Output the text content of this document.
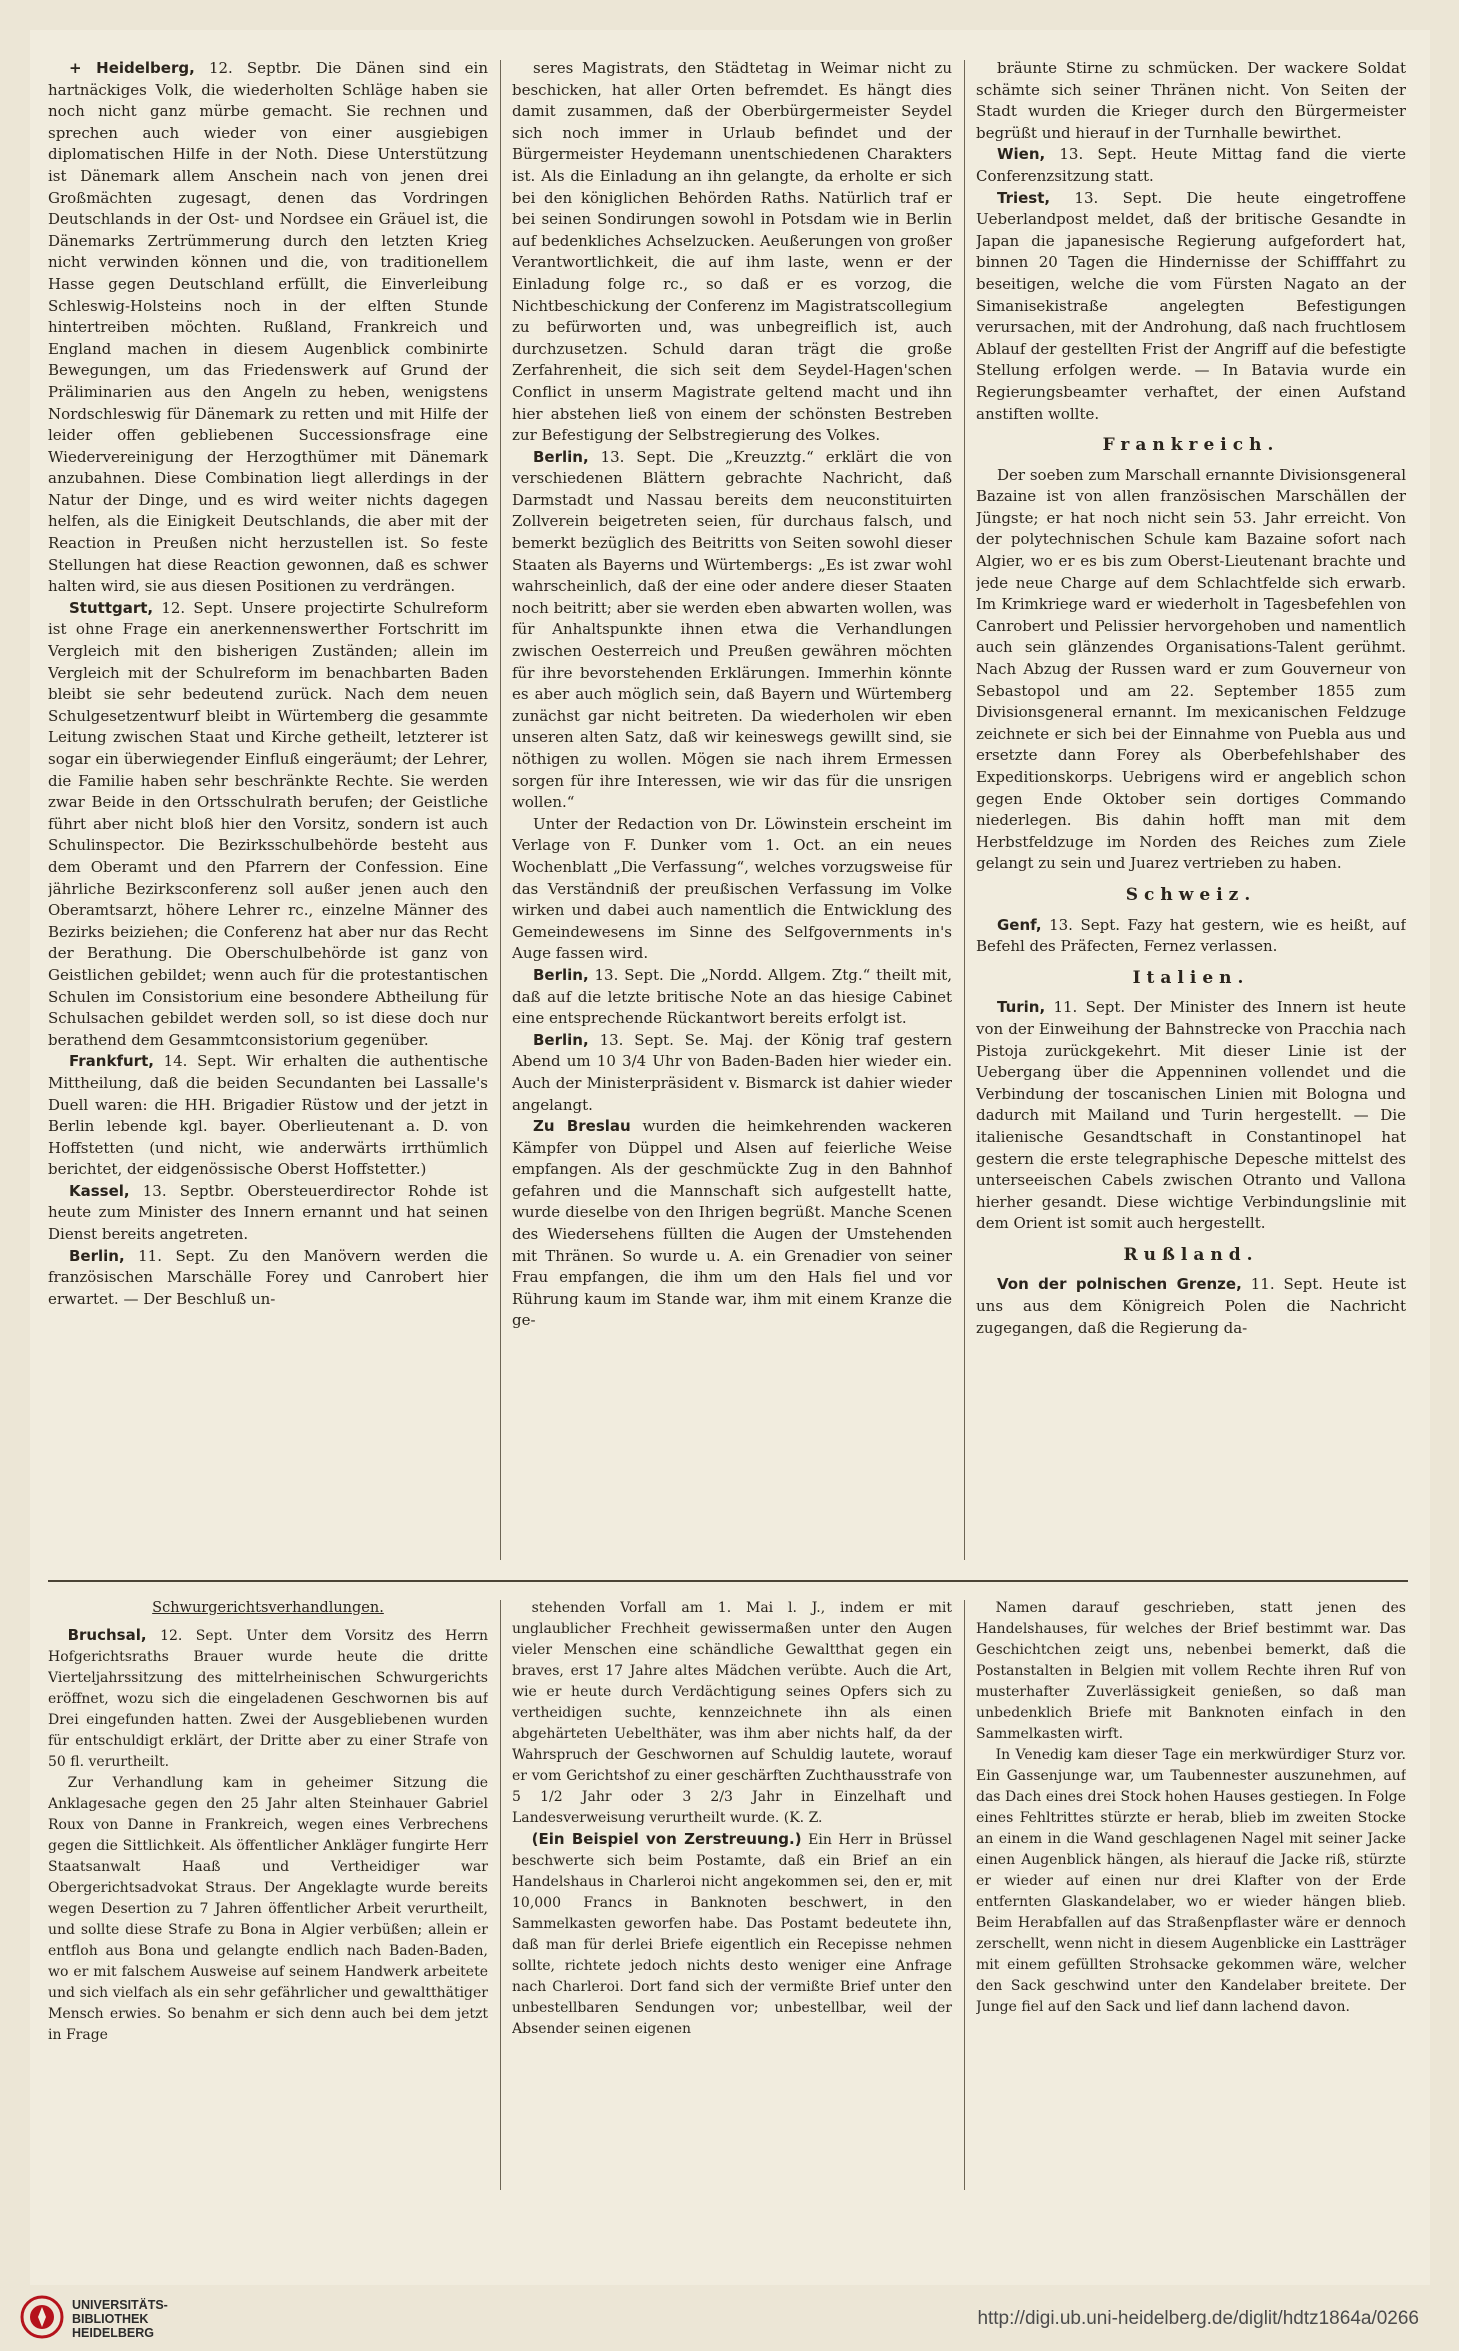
+ Heidelberg, 12. Septbr. Die Dänen sind ein hartnäckiges Volk, die wiederholten Schläge haben sie noch nicht ganz mürbe gemacht. Sie rechnen und sprechen auch wieder von einer ausgiebigen diplomatischen Hilfe in der Noth. Diese Unterstützung ist Dänemark allem Anschein nach von jenen drei Großmächten zugesagt, denen das Vordringen Deutschlands in der Ost- und Nordsee ein Gräuel ist, die Dänemarks Zertrümmerung durch den letzten Krieg nicht verwinden können und die, von traditionellem Hasse gegen Deutschland erfüllt, die Einverleibung Schleswig-Holsteins noch in der elften Stunde hintertreiben möchten. Rußland, Frankreich und England machen in diesem Augenblick combinirte Bewegungen, um das Friedenswerk auf Grund der Präliminarien aus den Angeln zu heben, wenigstens Nordschleswig für Dänemark zu retten und mit Hilfe der leider offen gebliebenen Successionsfrage eine Wiedervereinigung der Herzogthümer mit Dänemark anzubahnen. Diese Combination liegt allerdings in der Natur der Dinge, und es wird weiter nichts dagegen helfen, als die Einigkeit Deutschlands, die aber mit der Reaction in Preußen nicht herzustellen ist. So feste Stellungen hat diese Reaction gewonnen, daß es schwer halten wird, sie aus diesen Positionen zu verdrängen.

Stuttgart, 12. Sept. Unsere projectirte Schulreform ist ohne Frage ein anerkennenswerther Fortschritt im Vergleich mit den bisherigen Zuständen; allein im Vergleich mit der Schulreform im benachbarten Baden bleibt sie sehr bedeutend zurück. Nach dem neuen Schulgesetzentwurf bleibt in Würtemberg die gesammte Leitung zwischen Staat und Kirche getheilt, letzterer ist sogar ein überwiegender Einfluß eingeräumt; der Lehrer, die Familie haben sehr beschränkte Rechte. Sie werden zwar Beide in den Ortsschulrath berufen; der Geistliche führt aber nicht bloß hier den Vorsitz, sondern ist auch Schulinspector. Die Bezirksschulbehörde besteht aus dem Oberamt und den Pfarrern der Confession. Eine jährliche Bezirksconferenz soll außer jenen auch den Oberamtsarzt, höhere Lehrer rc., einzelne Männer des Bezirks beiziehen; die Conferenz hat aber nur das Recht der Berathung. Die Oberschulbehörde ist ganz von Geistlichen gebildet; wenn auch für die protestantischen Schulen im Consistorium eine besondere Abtheilung für Schulsachen gebildet werden soll, so ist diese doch nur berathend dem Gesammtconsistorium gegenüber.

Frankfurt, 14. Sept. Wir erhalten die authentische Mittheilung, daß die beiden Secundanten bei Lassalle's Duell waren: die HH. Brigadier Rüstow und der jetzt in Berlin lebende kgl. bayer. Oberlieutenant a. D. von Hoffstetten (und nicht, wie anderwärts irrthümlich berichtet, der eidgenössische Oberst Hoffstetter.)

Kassel, 13. Septbr. Obersteuerdirector Rohde ist heute zum Minister des Innern ernannt und hat seinen Dienst bereits angetreten.

Berlin, 11. Sept. Zu den Manövern werden die französischen Marschälle Forey und Canrobert hier erwartet. — Der Beschluß un-

seres Magistrats, den Städtetag in Weimar nicht zu beschicken, hat aller Orten befremdet. Es hängt dies damit zusammen, daß der Oberbürgermeister Seydel sich noch immer in Urlaub befindet und der Bürgermeister Heydemann unentschiedenen Charakters ist. Als die Einladung an ihn gelangte, da erholte er sich bei den königlichen Behörden Raths. Natürlich traf er bei seinen Sondirungen sowohl in Potsdam wie in Berlin auf bedenkliches Achselzucken. Aeußerungen von großer Verantwortlichkeit, die auf ihm laste, wenn er der Einladung folge rc., so daß er es vorzog, die Nichtbeschickung der Conferenz im Magistratscollegium zu befürworten und, was unbegreiflich ist, auch durchzusetzen. Schuld daran trägt die große Zerfahrenheit, die sich seit dem Seydel-Hagen'schen Conflict in unserm Magistrate geltend macht und ihn hier abstehen ließ von einem der schönsten Bestreben zur Befestigung der Selbstregierung des Volkes.

Berlin, 13. Sept. Die „Kreuzztg.“ erklärt die von verschiedenen Blättern gebrachte Nachricht, daß Darmstadt und Nassau bereits dem neuconstituirten Zollverein beigetreten seien, für durchaus falsch, und bemerkt bezüglich des Beitritts von Seiten sowohl dieser Staaten als Bayerns und Würtembergs: „Es ist zwar wohl wahrscheinlich, daß der eine oder andere dieser Staaten noch beitritt; aber sie werden eben abwarten wollen, was für Anhaltspunkte ihnen etwa die Verhandlungen zwischen Oesterreich und Preußen gewähren möchten für ihre bevorstehenden Erklärungen. Immerhin könnte es aber auch möglich sein, daß Bayern und Würtemberg zunächst gar nicht beitreten. Da wiederholen wir eben unseren alten Satz, daß wir keineswegs gewillt sind, sie nöthigen zu wollen. Mögen sie nach ihrem Ermessen sorgen für ihre Interessen, wie wir das für die unsrigen wollen.“

Unter der Redaction von Dr. Löwinstein erscheint im Verlage von F. Dunker vom 1. Oct. an ein neues Wochenblatt „Die Verfassung“, welches vorzugsweise für das Verständniß der preußischen Verfassung im Volke wirken und dabei auch namentlich die Entwicklung des Gemeindewesens im Sinne des Selfgovernments in's Auge fassen wird.

Berlin, 13. Sept. Die „Nordd. Allgem. Ztg.“ theilt mit, daß auf die letzte britische Note an das hiesige Cabinet eine entsprechende Rückantwort bereits erfolgt ist.

Berlin, 13. Sept. Se. Maj. der König traf gestern Abend um 10 3/4 Uhr von Baden-Baden hier wieder ein. Auch der Ministerpräsident v. Bismarck ist dahier wieder angelangt.

Zu Breslau wurden die heimkehrenden wackeren Kämpfer von Düppel und Alsen auf feierliche Weise empfangen. Als der geschmückte Zug in den Bahnhof gefahren und die Mannschaft sich aufgestellt hatte, wurde dieselbe von den Ihrigen begrüßt. Manche Scenen des Wiedersehens füllten die Augen der Umstehenden mit Thränen. So wurde u. A. ein Grenadier von seiner Frau empfangen, die ihm um den Hals fiel und vor Rührung kaum im Stande war, ihm mit einem Kranze die ge-

bräunte Stirne zu schmücken. Der wackere Soldat schämte sich seiner Thränen nicht. Von Seiten der Stadt wurden die Krieger durch den Bürgermeister begrüßt und hierauf in der Turnhalle bewirthet.

Wien, 13. Sept. Heute Mittag fand die vierte Conferenzsitzung statt.

Triest, 13. Sept. Die heute eingetroffene Ueberlandpost meldet, daß der britische Gesandte in Japan die japanesische Regierung aufgefordert hat, binnen 20 Tagen die Hindernisse der Schifffahrt zu beseitigen, welche die vom Fürsten Nagato an der Simanisekistraße angelegten Befestigungen verursachen, mit der Androhung, daß nach fruchtlosem Ablauf der gestellten Frist der Angriff auf die befestigte Stellung erfolgen werde. — In Batavia wurde ein Regierungsbeamter verhaftet, der einen Aufstand anstiften wollte.

Frankreich.

Der soeben zum Marschall ernannte Divisionsgeneral Bazaine ist von allen französischen Marschällen der Jüngste; er hat noch nicht sein 53. Jahr erreicht. Von der polytechnischen Schule kam Bazaine sofort nach Algier, wo er es bis zum Oberst-Lieutenant brachte und jede neue Charge auf dem Schlachtfelde sich erwarb. Im Krimkriege ward er wiederholt in Tagesbefehlen von Canrobert und Pelissier hervorgehoben und namentlich auch sein glänzendes Organisations-Talent gerühmt. Nach Abzug der Russen ward er zum Gouverneur von Sebastopol und am 22. September 1855 zum Divisionsgeneral ernannt. Im mexicanischen Feldzuge zeichnete er sich bei der Einnahme von Puebla aus und ersetzte dann Forey als Oberbefehlshaber des Expeditionskorps. Uebrigens wird er angeblich schon gegen Ende Oktober sein dortiges Commando niederlegen. Bis dahin hofft man mit dem Herbstfeldzuge im Norden des Reiches zum Ziele gelangt zu sein und Juarez vertrieben zu haben.

Schweiz.

Genf, 13. Sept. Fazy hat gestern, wie es heißt, auf Befehl des Präfecten, Fernez verlassen.

Italien.

Turin, 11. Sept. Der Minister des Innern ist heute von der Einweihung der Bahnstrecke von Pracchia nach Pistoja zurückgekehrt. Mit dieser Linie ist der Uebergang über die Appenninen vollendet und die Verbindung der toscanischen Linien mit Bologna und dadurch mit Mailand und Turin hergestellt. — Die italienische Gesandtschaft in Constantinopel hat gestern die erste telegraphische Depesche mittelst des unterseeischen Cabels zwischen Otranto und Vallona hierher gesandt. Diese wichtige Verbindungslinie mit dem Orient ist somit auch hergestellt.

Rußland.

Von der polnischen Grenze, 11. Sept. Heute ist uns aus dem Königreich Polen die Nachricht zugegangen, daß die Regierung da-

Schwurgerichtsverhandlungen.

Bruchsal, 12. Sept. Unter dem Vorsitz des Herrn Hofgerichtsraths Brauer wurde heute die dritte Vierteljahrssitzung des mittelrheinischen Schwurgerichts eröffnet, wozu sich die eingeladenen Geschwornen bis auf Drei eingefunden hatten. Zwei der Ausgebliebenen wurden für entschuldigt erklärt, der Dritte aber zu einer Strafe von 50 fl. verurtheilt.

Zur Verhandlung kam in geheimer Sitzung die Anklagesache gegen den 25 Jahr alten Steinhauer Gabriel Roux von Danne in Frankreich, wegen eines Verbrechens gegen die Sittlichkeit. Als öffentlicher Ankläger fungirte Herr Staatsanwalt Haaß und Vertheidiger war Obergerichtsadvokat Straus. Der Angeklagte wurde bereits wegen Desertion zu 7 Jahren öffentlicher Arbeit verurtheilt, und sollte diese Strafe zu Bona in Algier verbüßen; allein er entfloh aus Bona und gelangte endlich nach Baden-Baden, wo er mit falschem Ausweise auf seinem Handwerk arbeitete und sich vielfach als ein sehr gefährlicher und gewaltthätiger Mensch erwies. So benahm er sich denn auch bei dem jetzt in Frage

stehenden Vorfall am 1. Mai l. J., indem er mit unglaublicher Frechheit gewissermaßen unter den Augen vieler Menschen eine schändliche Gewaltthat gegen ein braves, erst 17 Jahre altes Mädchen verübte. Auch die Art, wie er heute durch Verdächtigung seines Opfers sich zu vertheidigen suchte, kennzeichnete ihn als einen abgehärteten Uebelthäter, was ihm aber nichts half, da der Wahrspruch der Geschwornen auf Schuldig lautete, worauf er vom Gerichtshof zu einer geschärften Zuchthausstrafe von 5 1/2 Jahr oder 3 2/3 Jahr in Einzelhaft und Landesverweisung verurtheilt wurde. (K. Z.

(Ein Beispiel von Zerstreuung.) Ein Herr in Brüssel beschwerte sich beim Postamte, daß ein Brief an ein Handelshaus in Charleroi nicht angekommen sei, den er, mit 10,000 Francs in Banknoten beschwert, in den Sammelkasten geworfen habe. Das Postamt bedeutete ihn, daß man für derlei Briefe eigentlich ein Recepisse nehmen sollte, richtete jedoch nichts desto weniger eine Anfrage nach Charleroi. Dort fand sich der vermißte Brief unter den unbestellbaren Sendungen vor; unbestellbar, weil der Absender seinen eigenen

Namen darauf geschrieben, statt jenen des Handelshauses, für welches der Brief bestimmt war. Das Geschichtchen zeigt uns, nebenbei bemerkt, daß die Postanstalten in Belgien mit vollem Rechte ihren Ruf von musterhafter Zuverlässigkeit genießen, so daß man unbedenklich Briefe mit Banknoten einfach in den Sammelkasten wirft.

In Venedig kam dieser Tage ein merkwürdiger Sturz vor. Ein Gassenjunge war, um Taubennester auszunehmen, auf das Dach eines drei Stock hohen Hauses gestiegen. In Folge eines Fehltrittes stürzte er herab, blieb im zweiten Stocke an einem in die Wand geschlagenen Nagel mit seiner Jacke einen Augenblick hängen, als hierauf die Jacke riß, stürzte er wieder auf einen nur drei Klafter von der Erde entfernten Glaskandelaber, wo er wieder hängen blieb. Beim Herabfallen auf das Straßenpflaster wäre er dennoch zerschellt, wenn nicht in diesem Augenblicke ein Lastträger mit einem gefüllten Strohsacke gekommen wäre, welcher den Sack geschwind unter den Kandelaber breitete. Der Junge fiel auf den Sack und lief dann lachend davon.

UNIVERSITÄTS-
BIBLIOTHEK
HEIDELBERG
http://digi.ub.uni-heidelberg.de/diglit/hdtz1864a/0266
